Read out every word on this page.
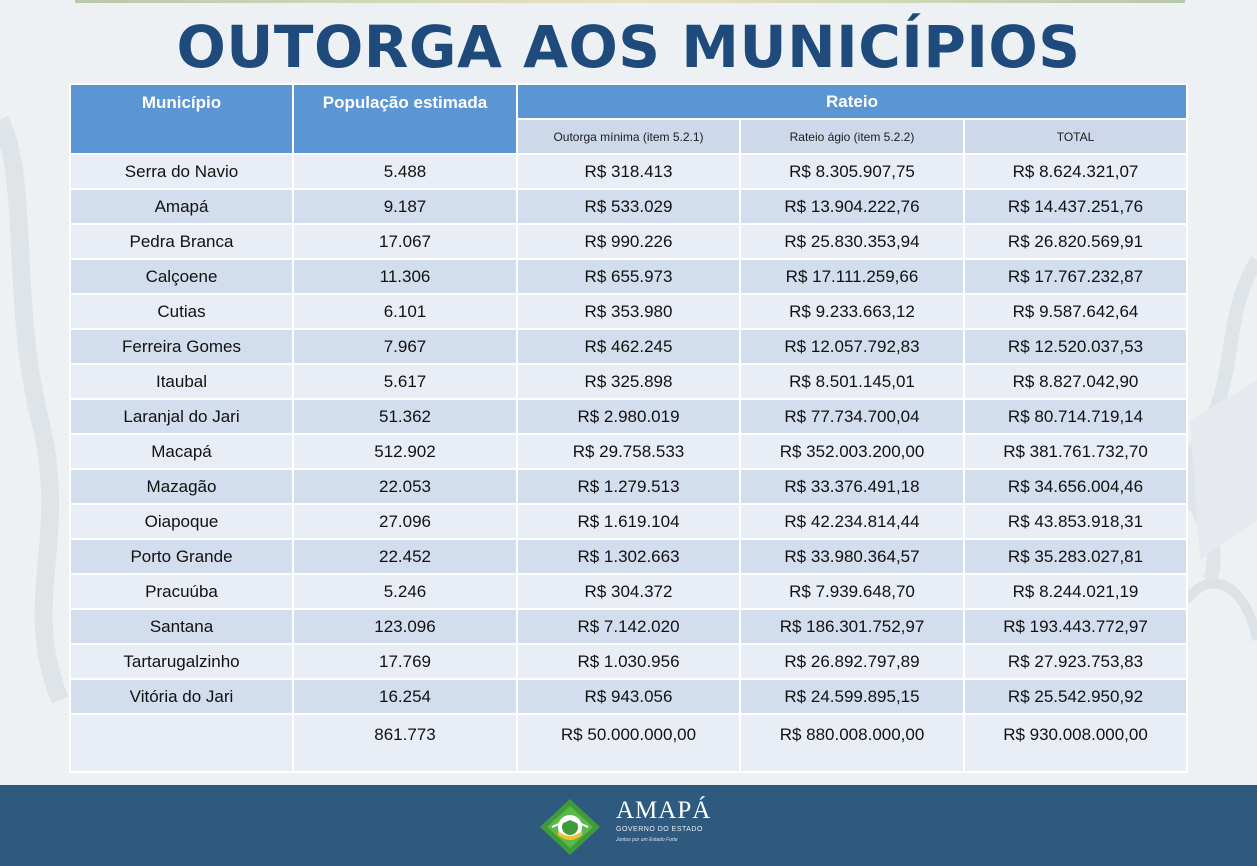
OUTORGA AOS MUNICÍPIOS
Município	População estimada	Rateio		
		Outorga mínima (item 5.2.1)	Rateio ágio (item 5.2.2)	TOTAL
Serra do Navio	5.488	R$ 318.413	R$ 8.305.907,75	R$ 8.624.321,07
Amapá	9.187	R$ 533.029	R$ 13.904.222,76	R$ 14.437.251,76
Pedra Branca	17.067	R$ 990.226	R$ 25.830.353,94	R$ 26.820.569,91
Calçoene	11.306	R$ 655.973	R$ 17.111.259,66	R$ 17.767.232,87
Cutias	6.101	R$ 353.980	R$ 9.233.663,12	R$ 9.587.642,64
Ferreira Gomes	7.967	R$ 462.245	R$ 12.057.792,83	R$ 12.520.037,53
Itaubal	5.617	R$ 325.898	R$ 8.501.145,01	R$ 8.827.042,90
Laranjal do Jari	51.362	R$ 2.980.019	R$ 77.734.700,04	R$ 80.714.719,14
Macapá	512.902	R$ 29.758.533	R$ 352.003.200,00	R$ 381.761.732,70
Mazagão	22.053	R$ 1.279.513	R$ 33.376.491,18	R$ 34.656.004,46
Oiapoque	27.096	R$ 1.619.104	R$ 42.234.814,44	R$ 43.853.918,31
Porto Grande	22.452	R$ 1.302.663	R$ 33.980.364,57	R$ 35.283.027,81
Pracuúba	5.246	R$ 304.372	R$ 7.939.648,70	R$ 8.244.021,19
Santana	123.096	R$ 7.142.020	R$ 186.301.752,97	R$ 193.443.772,97
Tartarugalzinho	17.769	R$ 1.030.956	R$ 26.892.797,89	R$ 27.923.753,83
Vitória do Jari	16.254	R$ 943.056	R$ 24.599.895,15	R$ 25.542.950,92
	861.773	R$ 50.000.000,00	R$ 880.008.000,00	R$ 930.008.000,00
AMAPÁ
GOVERNO DO ESTADO
Juntos por um Estado Forte
